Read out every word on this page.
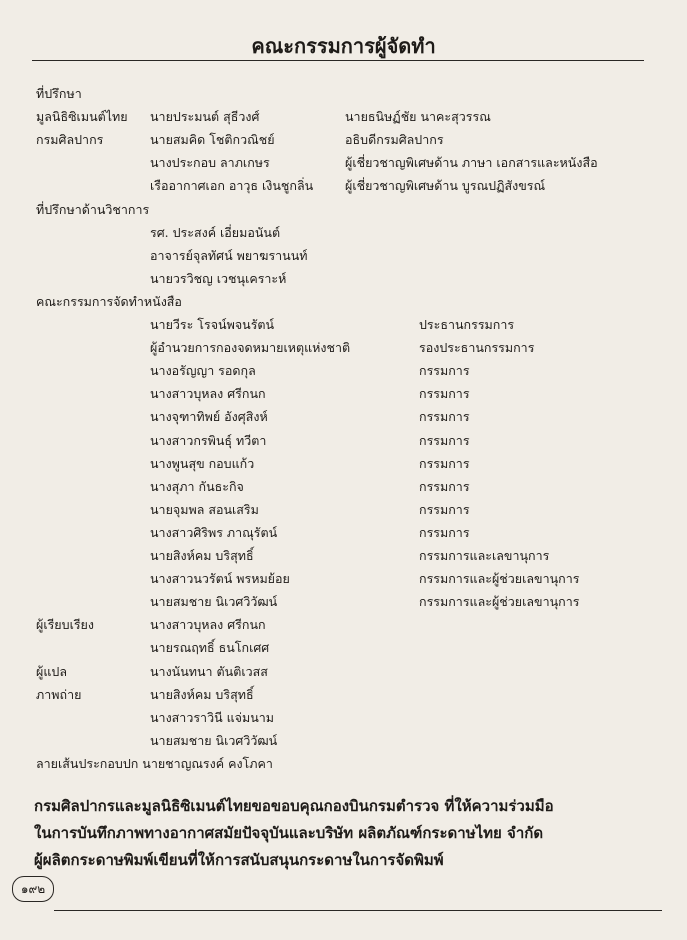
คณะกรรมการผู้จัดทำ
ที่ปรึกษา
มูลนิธิซิเมนต์ไทย นายประมนต์ สุธีวงศ์	นายธนิษฏ์ชัย นาคะสุวรรณ
กรมศิลปากร	นายสมคิด โชติกวณิชย์	อธิบดีกรมศิลปากร
นางประกอบ ลาภเกษร	ผู้เชี่ยวชาญพิเศษด้าน ภาษา เอกสารและหนังสือ
เรืออากาศเอก อาวุธ เงินชูกลิ่น	ผู้เชี่ยวชาญพิเศษด้าน บูรณปฏิสังขรณ์
ที่ปรึกษาด้านวิชาการ
รศ. ประสงค์ เอี่ยมอนันต์
อาจารย์จุลทัศน์ พยาฆรานนท์
นายวรวิชญ เวชนุเคราะห์
คณะกรรมการจัดทำหนังสือ
นายวีระ โรจน์พจนรัตน์	ประธานกรรมการ
ผู้อำนวยการกองจดหมายเหตุแห่งชาติ	รองประธานกรรมการ
นางอรัญญา รอดกุล	กรรมการ
นางสาวบุหลง ศรีกนก	กรรมการ
นางจุฑาทิพย์ อังศุสิงห์	กรรมการ
นางสาวกรพินธุ์ ทวีตา	กรรมการ
นางพูนสุข กอบแก้ว	กรรมการ
นางสุภา กันธะกิจ	กรรมการ
นายจุมพล สอนเสริม	กรรมการ
นางสาวศิริพร ภาณุรัตน์	กรรมการ
นายสิงห์คม บริสุทธิ์	กรรมการและเลขานุการ
นางสาวนวรัตน์ พรหมย้อย	กรรมการและผู้ช่วยเลขานุการ
นายสมชาย นิเวศวิวัฒน์	กรรมการและผู้ช่วยเลขานุการ
ผู้เรียบเรียง	นางสาวบุหลง ศรีกนก
นายรณฤทธิ์ ธนโกเศศ
ผู้แปล	นางนันทนา ตันติเวสส
ภาพถ่าย	นายสิงห์คม บริสุทธิ์
นางสาวราวินี แจ่มนาม
นายสมชาย นิเวศวิวัฒน์
ลายเส้นประกอบปก นายชาญณรงค์ คงโภคา
กรมศิลปากรและมูลนิธิซิเมนต์ไทยขอขอบคุณกองบินกรมตำรวจ ที่ให้ความร่วมมือ
ในการบันทึกภาพทางอากาศสมัยปัจจุบันและบริษัท ผลิตภัณฑ์กระดาษไทย จำกัด
ผู้ผลิตกระดาษพิมพ์เขียนที่ให้การสนับสนุนกระดาษในการจัดพิมพ์
๑๙๒
